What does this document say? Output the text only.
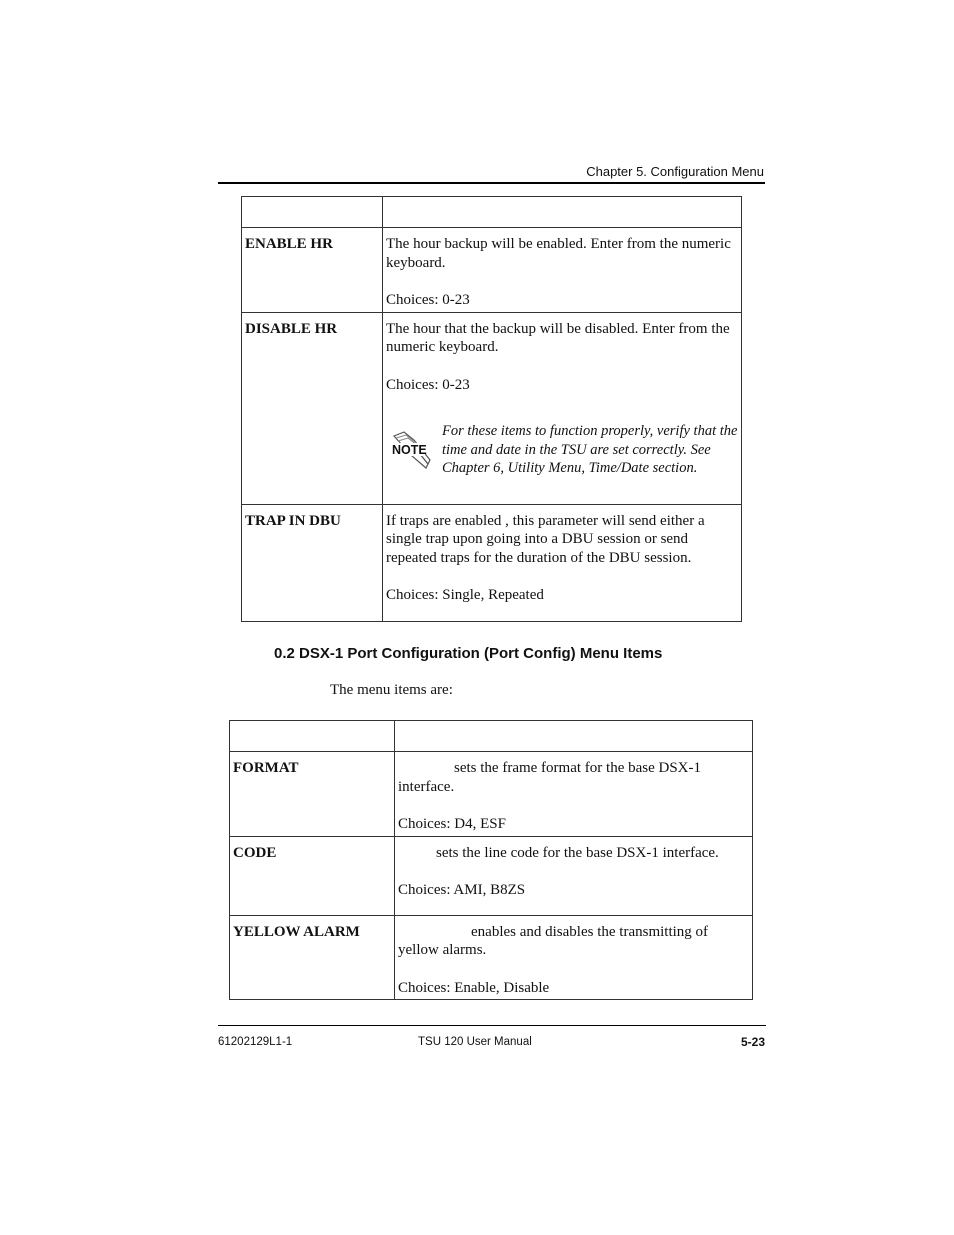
Chapter 5. Configuration Menu

ENABLE HR	The hour backup will be enabled. Enter from the numeric keyboard.
Choices: 0-23
DISABLE HR	The hour that the backup will be disabled. Enter from the numeric keyboard.
Choices: 0-23
NOTE
For these items to function properly, verify that the time and date in the TSU are set correctly. See Chapter 6, Utility Menu, Time/Date section.

TRAP IN DBU	If traps are enabled , this parameter will send either a single trap upon going into a DBU session or send repeated traps for the duration of the DBU session.
Choices: Single, Repeated
0.2 DSX-1 Port Configuration (Port Config) Menu Items
The menu items are:

FORMAT	sets the frame format for the base DSX-1 interface.
Choices: D4, ESF
CODE	sets the line code for the base DSX-1 interface.
Choices: AMI, B8ZS
YELLOW ALARM	enables and disables the transmitting of yellow alarms.
Choices: Enable, Disable
61202129L1-1	TSU 120 User Manual	5-23
